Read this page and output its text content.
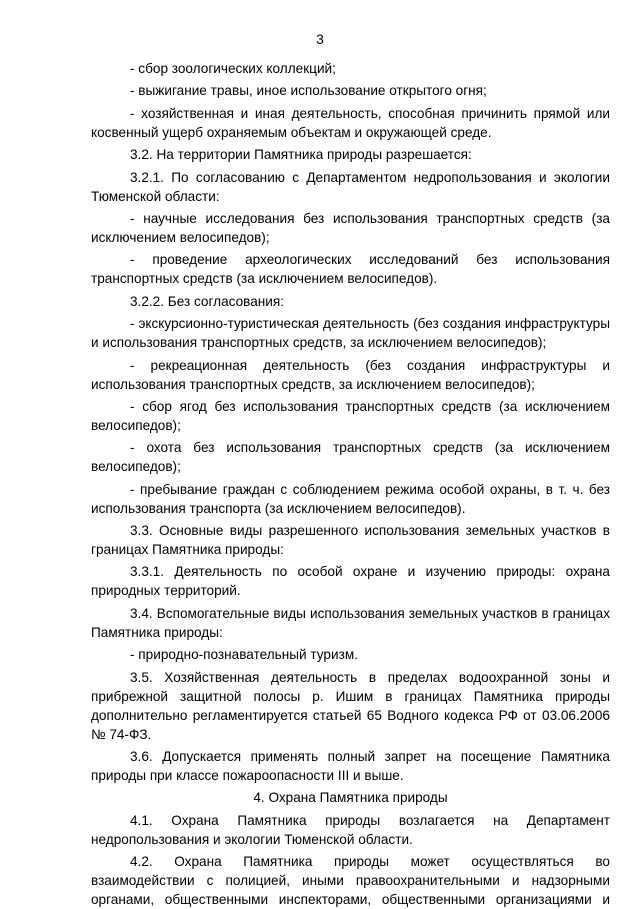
3

- сбор зоологических коллекций;

- выжигание травы, иное использование открытого огня;

- хозяйственная и иная деятельность, способная причинить прямой или косвенный ущерб охраняемым объектам и окружающей среде.

3.2. На территории Памятника природы разрешается:

3.2.1. По согласованию с Департаментом недропользования и экологии Тюменской области:

- научные исследования без использования транспортных средств (за исключением велосипедов);

- проведение археологических исследований без использования транспортных средств (за исключением велосипедов).

3.2.2. Без согласования:

- экскурсионно-туристическая деятельность (без создания инфраструктуры и использования транспортных средств, за исключением велосипедов);

- рекреационная деятельность (без создания инфраструктуры и использования транспортных средств, за исключением велосипедов);

- сбор ягод без использования транспортных средств (за исключением велосипедов);

- охота без использования транспортных средств (за исключением велосипедов);

- пребывание граждан с соблюдением режима особой охраны, в т. ч. без использования транспорта (за исключением велосипедов).

3.3. Основные виды разрешенного использования земельных участков в границах Памятника природы:

3.3.1. Деятельность по особой охране и изучению природы: охрана природных территорий.

3.4. Вспомогательные виды использования земельных участков в границах Памятника природы:

- природно-познавательный туризм.

3.5. Хозяйственная деятельность в пределах водоохранной зоны и прибрежной защитной полосы р. Ишим в границах Памятника природы дополнительно регламентируется статьей 65 Водного кодекса РФ от 03.06.2006 № 74-ФЗ.

3.6. Допускается применять полный запрет на посещение Памятника природы при классе пожароопасности III и выше.

4. Охрана Памятника природы

4.1. Охрана Памятника природы возлагается на Департамент недропользования и экологии Тюменской области.

4.2. Охрана Памятника природы может осуществляться во взаимодействии с полицией, иными правоохранительными и надзорными органами, общественными инспекторами, общественными организациями и
